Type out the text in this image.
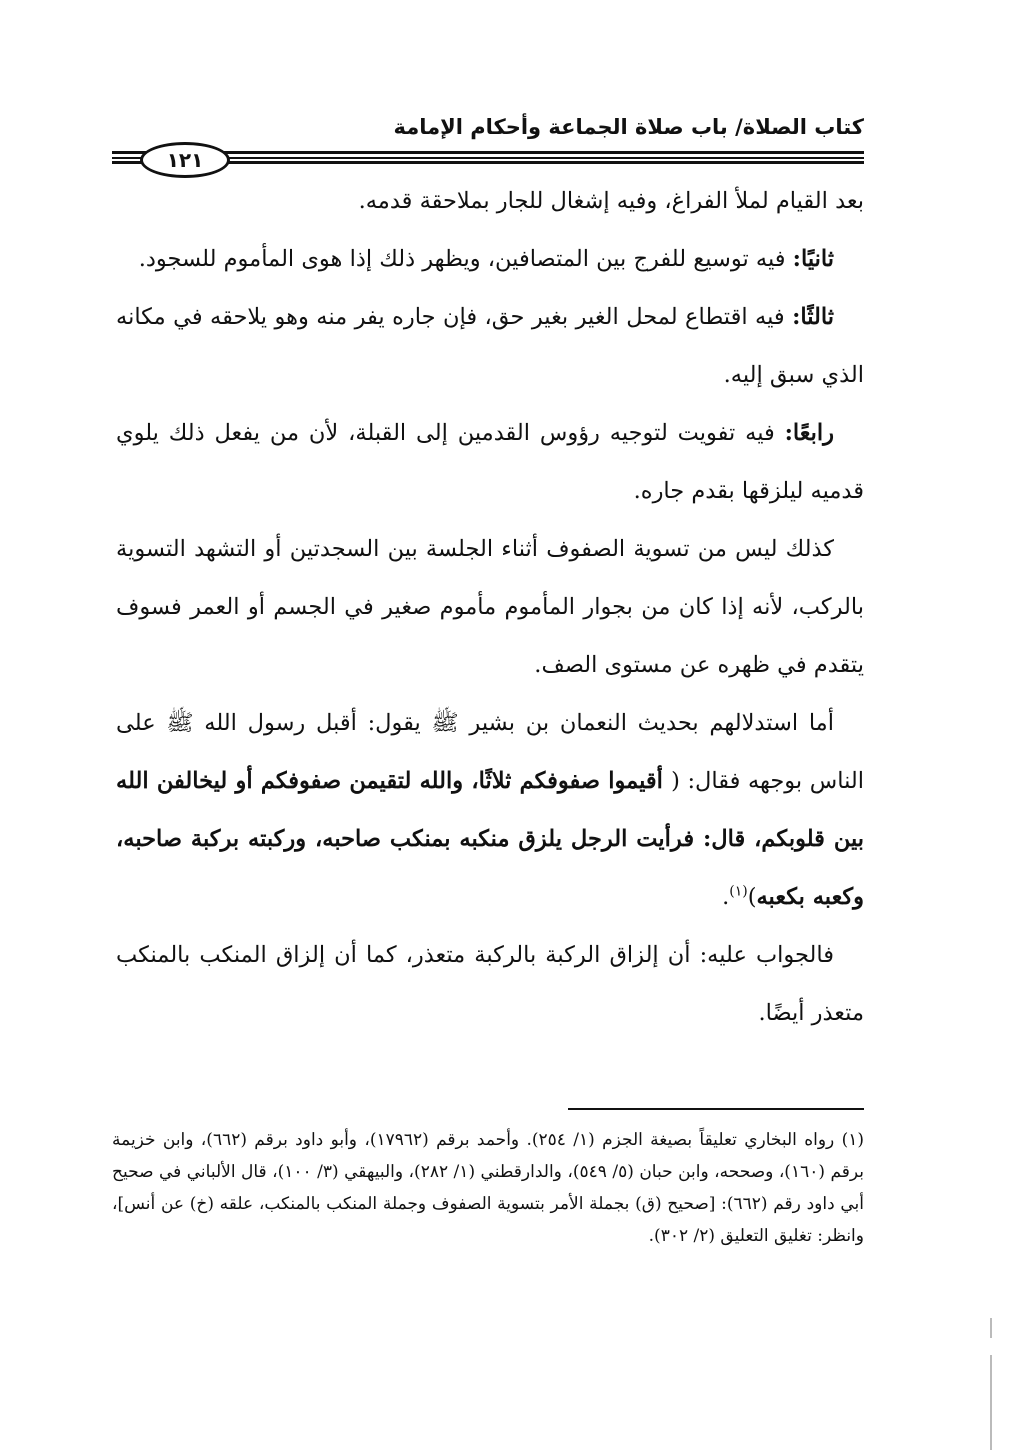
كتاب الصلاة/ باب صلاة الجماعة وأحكام الإمامة
١٢١

بعد القيام لملأ الفراغ، وفيه إشغال للجار بملاحقة قدمه.

ثانيًا: فيه توسيع للفرج بين المتصافين، ويظهر ذلك إذا هوى المأموم للسجود.

ثالثًا: فيه اقتطاع لمحل الغير بغير حق، فإن جاره يفر منه وهو يلاحقه في مكانه الذي سبق إليه.

رابعًا: فيه تفويت لتوجيه رؤوس القدمين إلى القبلة، لأن من يفعل ذلك يلوي قدميه ليلزقها بقدم جاره.

كذلك ليس من تسوية الصفوف أثناء الجلسة بين السجدتين أو التشهد التسوية بالركب، لأنه إذا كان من بجوار المأموم مأموم صغير في الجسم أو العمر فسوف يتقدم في ظهره عن مستوى الصف.

أما استدلالهم بحديث النعمان بن بشير ﷺ يقول: أقبل رسول الله ﷺ على الناس بوجهه فقال: ( أقيموا صفوفكم ثلاثًا، والله لتقيمن صفوفكم أو ليخالفن الله بين قلوبكم، قال: فرأيت الرجل يلزق منكبه بمنكب صاحبه، وركبته بركبة صاحبه، وكعبه بكعبه)$^{(١)}$.

فالجواب عليه: أن إلزاق الركبة بالركبة متعذر، كما أن إلزاق المنكب بالمنكب متعذر أيضًا.

(١) رواه البخاري تعليقاً بصيغة الجزم (١/ ٢٥٤). وأحمد برقم (١٧٩٦٢)، وأبو داود برقم (٦٦٢)، وابن خزيمة برقم (١٦٠)، وصححه، وابن حبان (٥/ ٥٤٩)، والدارقطني (١/ ٢٨٢)، والبيهقي (٣/ ١٠٠)، قال الألباني في صحيح أبي داود رقم (٦٦٢): [صحيح (ق) بجملة الأمر بتسوية الصفوف وجملة المنكب بالمنكب، علقه (خ) عن أنس]، وانظر: تغليق التعليق (٢/ ٣٠٢).
